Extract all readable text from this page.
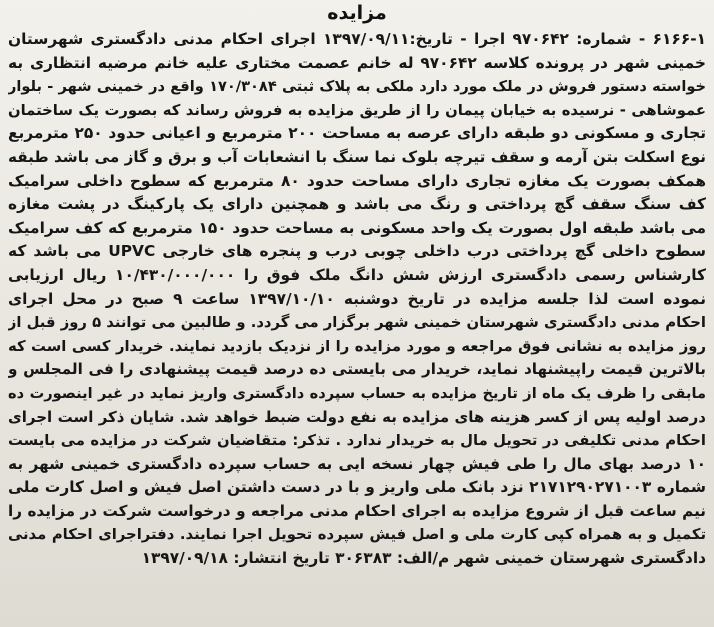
مزایده
۶۱۶۶-۱ - شماره: ۹۷۰۶۴۲ اجرا - تاریخ:۱۳۹۷/۰۹/۱۱ اجرای احکام مدنی دادگستری شهرستان
خمینی شهر در پرونده کلاسه ۹۷۰۶۴۲ له خانم عصمت مختاری علیه خانم مرضیه انتظاری به
خواسته دستور فروش در ملک مورد دارد ملکی به پلاک ثبتی ۱۷۰/۳۰۸۴ واقع در خمینی شهر - بلوار
عموشاهی - نرسیده به خیابان پیمان را از طریق مزایده به فروش رساند که بصورت یک ساختمان
تجاری و مسکونی دو طبقه دارای عرصه به مساحت ۲۰۰ مترمربع و اعیانی حدود ۲۵۰ مترمربع
نوع اسکلت بتن آرمه و سقف تیرچه بلوک نما سنگ با انشعابات آب و برق و گاز می باشد طبقه
همکف بصورت یک مغازه تجاری دارای مساحت حدود ۸۰ مترمربع که سطوح داخلی سرامیک
کف سنگ سقف گچ پرداختی و رنگ می باشد و همچنین دارای یک پارکینگ در پشت مغازه
می باشد طبقه اول بصورت یک واحد مسکونی به مساحت حدود ۱۵۰ مترمربع که کف سرامیک
سطوح داخلی گچ پرداختی درب داخلی چوبی درب و پنجره های خارجی UPVC می باشد که
کارشناس رسمی دادگستری ارزش شش دانگ ملک فوق را ۱۰/۴۳۰/۰۰۰/۰۰۰ ریال ارزیابی
نموده است لذا جلسه مزایده در تاریخ دوشنبه ۱۳۹۷/۱۰/۱۰ ساعت ۹ صبح در محل اجرای
احکام مدنی دادگستری شهرستان خمینی شهر برگزار می گردد. و طالبین می توانند ۵ روز قبل از
روز مزایده به نشانی فوق مراجعه و مورد مزایده را از نزدیک بازدید نمایند. خریدار کسی است که
بالاترین قیمت راپیشنهاد نماید، خریدار می بایستی ده درصد قیمت پیشنهادی را فی المجلس و
مابقی را ظرف یک ماه از تاریخ مزایده به حساب سپرده دادگستری واریز نماید در غیر اینصورت ده
درصد اولیه پس از کسر هزینه های مزایده به نفع دولت ضبط خواهد شد. شایان ذکر است اجرای
احکام مدنی تکلیفی در تحویل مال به خریدار ندارد . تذکر: متقاضیان شرکت در مزایده می بایست
۱۰ درصد بهای مال را طی فیش چهار نسخه ایی به حساب سپرده دادگستری خمینی شهر به
شماره ۲۱۷۱۲۹۰۲۷۱۰۰۳ نزد بانک ملی واریز و با در دست داشتن اصل فیش و اصل کارت ملی
نیم ساعت قبل از شروع مزایده به اجرای احکام مدنی مراجعه و درخواست شرکت در مزایده را
تکمیل و به همراه کپی کارت ملی و اصل فیش سپرده تحویل اجرا نمایند. دفتراجرای احکام مدنی
دادگستری شهرستان خمینی شهر م/الف: ۳۰۶۳۸۳ تاریخ انتشار: ۱۳۹۷/۰۹/۱۸
